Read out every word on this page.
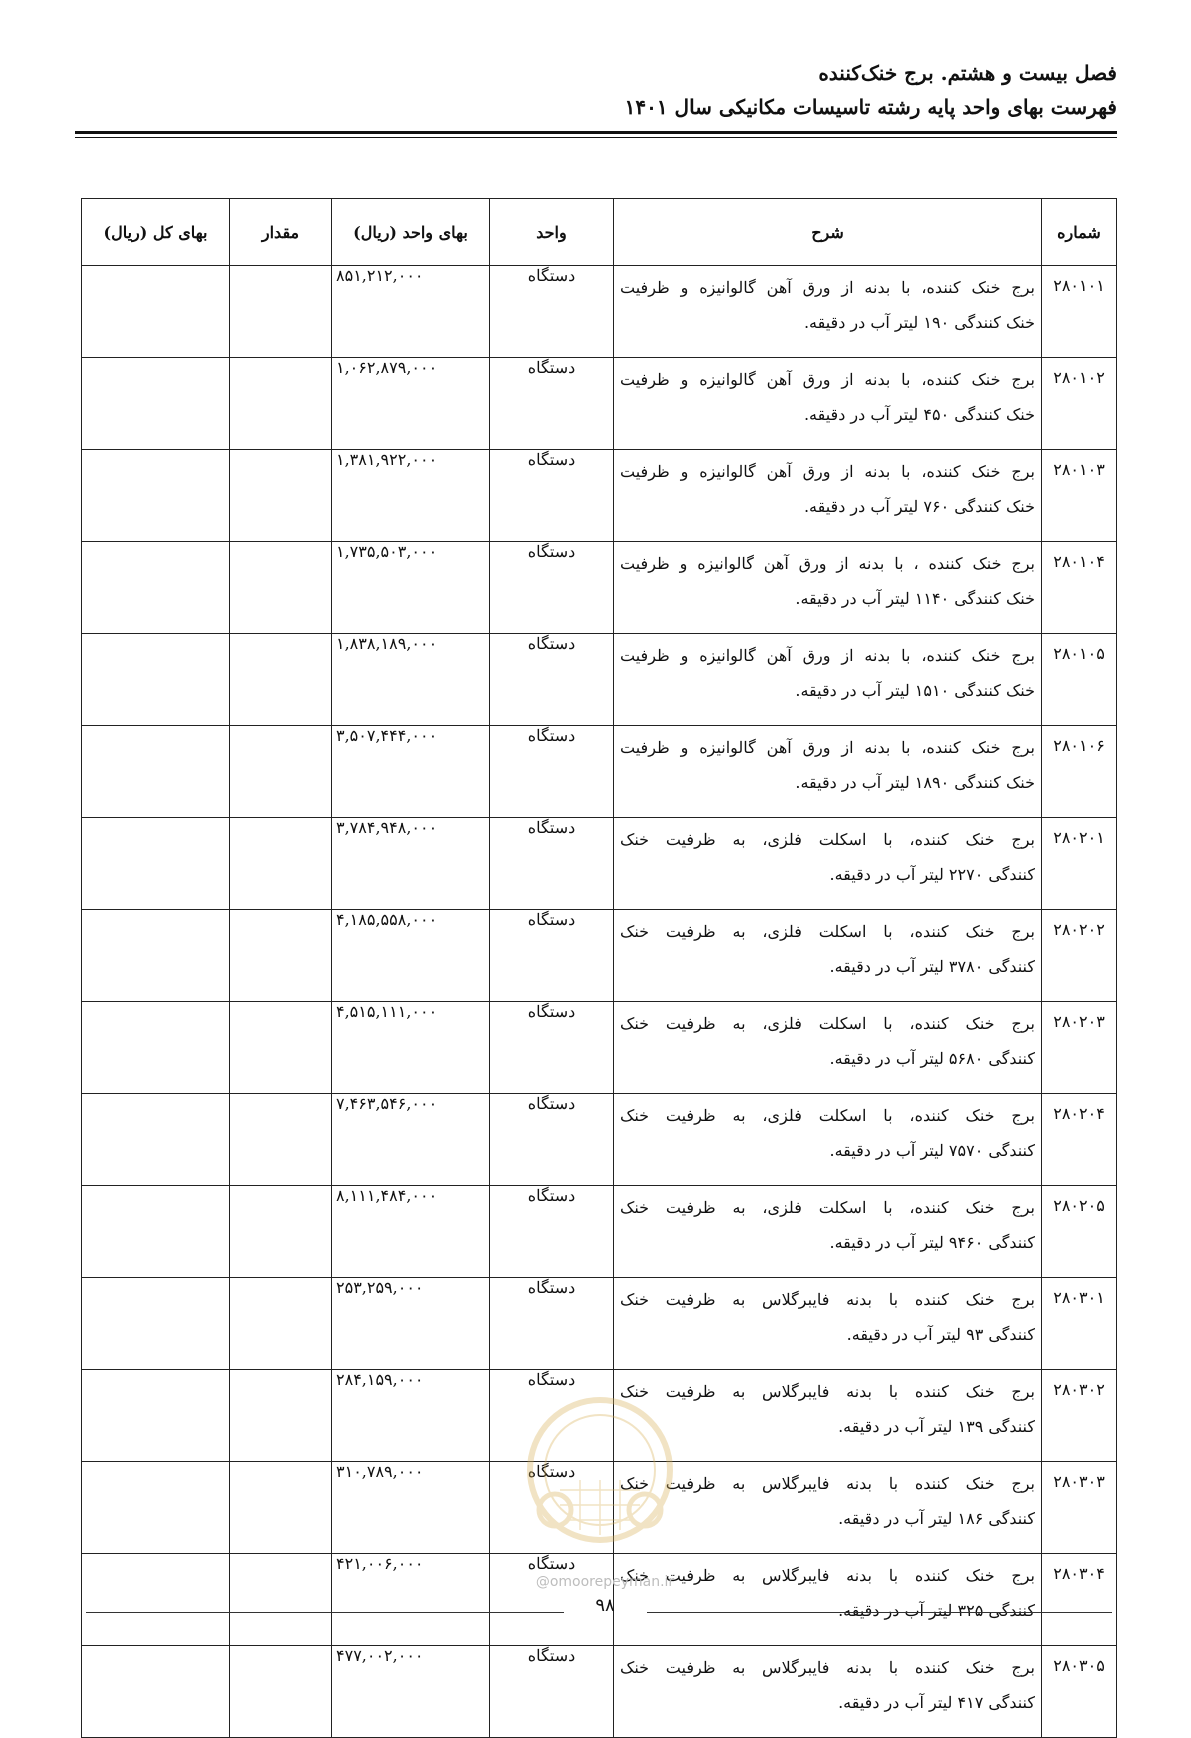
فصل بیست و هشتم. برج خنک‌کننده
فهرست بهای واحد پایه رشته تاسیسات مکانیکی سال ۱۴۰۱
شماره	شرح	واحد	بهای واحد (ریال)	مقدار	بهای کل (ریال)
۲۸۰۱۰۱	برج خنک کننده، با بدنه از ورق آهن گالوانیزه و ظرفیت
خنک کنندگی ۱۹۰ لیتر آب در دقیقه.	دستگاه	۸۵۱,۲۱۲,۰۰۰		
۲۸۰۱۰۲	برج خنک کننده، با بدنه از ورق آهن گالوانیزه و ظرفیت
خنک کنندگی ۴۵۰ لیتر آب در دقیقه.	دستگاه	۱,۰۶۲,۸۷۹,۰۰۰		
۲۸۰۱۰۳	برج خنک کننده، با بدنه از ورق آهن گالوانیزه و ظرفیت
خنک کنندگی ۷۶۰ لیتر آب در دقیقه.	دستگاه	۱,۳۸۱,۹۲۲,۰۰۰		
۲۸۰۱۰۴	برج خنک کننده ، با بدنه از ورق آهن گالوانیزه و ظرفیت
خنک کنندگی ۱۱۴۰ لیتر آب در دقیقه.	دستگاه	۱,۷۳۵,۵۰۳,۰۰۰		
۲۸۰۱۰۵	برج خنک کننده، با بدنه از ورق آهن گالوانیزه و ظرفیت
خنک کنندگی ۱۵۱۰ لیتر آب در دقیقه.	دستگاه	۱,۸۳۸,۱۸۹,۰۰۰		
۲۸۰۱۰۶	برج خنک کننده، با بدنه از ورق آهن گالوانیزه و ظرفیت
خنک کنندگی ۱۸۹۰ لیتر آب در دقیقه.	دستگاه	۳,۵۰۷,۴۴۴,۰۰۰		
۲۸۰۲۰۱	برج خنک کننده، با اسکلت فلزی، به ظرفیت خنک
کنندگی ۲۲۷۰ لیتر آب در دقیقه.	دستگاه	۳,۷۸۴,۹۴۸,۰۰۰		
۲۸۰۲۰۲	برج خنک کننده، با اسکلت فلزی، به ظرفیت خنک
کنندگی ۳۷۸۰ لیتر آب در دقیقه.	دستگاه	۴,۱۸۵,۵۵۸,۰۰۰		
۲۸۰۲۰۳	برج خنک کننده، با اسکلت فلزی، به ظرفیت خنک
کنندگی ۵۶۸۰ لیتر آب در دقیقه.	دستگاه	۴,۵۱۵,۱۱۱,۰۰۰		
۲۸۰۲۰۴	برج خنک کننده، با اسکلت فلزی، به ظرفیت خنک
کنندگی ۷۵۷۰ لیتر آب در دقیقه.	دستگاه	۷,۴۶۳,۵۴۶,۰۰۰		
۲۸۰۲۰۵	برج خنک کننده، با اسکلت فلزی، به ظرفیت خنک
کنندگی ۹۴۶۰ لیتر آب در دقیقه.	دستگاه	۸,۱۱۱,۴۸۴,۰۰۰		
۲۸۰۳۰۱	برج خنک کننده با بدنه فایبرگلاس به ظرفیت خنک
کنندگی ۹۳ لیتر آب در دقیقه.	دستگاه	۲۵۳,۲۵۹,۰۰۰		
۲۸۰۳۰۲	برج خنک کننده با بدنه فایبرگلاس به ظرفیت خنک
کنندگی ۱۳۹ لیتر آب در دقیقه.	دستگاه	۲۸۴,۱۵۹,۰۰۰		
۲۸۰۳۰۳	برج خنک کننده با بدنه فایبرگلاس به ظرفیت خنک
کنندگی ۱۸۶ لیتر آب در دقیقه.	دستگاه	۳۱۰,۷۸۹,۰۰۰		
۲۸۰۳۰۴	برج خنک کننده با بدنه فایبرگلاس به ظرفیت خنک
کنندگی ۳۲۵ لیتر آب در دقیقه.	دستگاه	۴۲۱,۰۰۶,۰۰۰		
۲۸۰۳۰۵	برج خنک کننده با بدنه فایبرگلاس به ظرفیت خنک
کنندگی ۴۱۷ لیتر آب در دقیقه.	دستگاه	۴۷۷,۰۰۲,۰۰۰		
@omoorepeyman.ir
۹۸
